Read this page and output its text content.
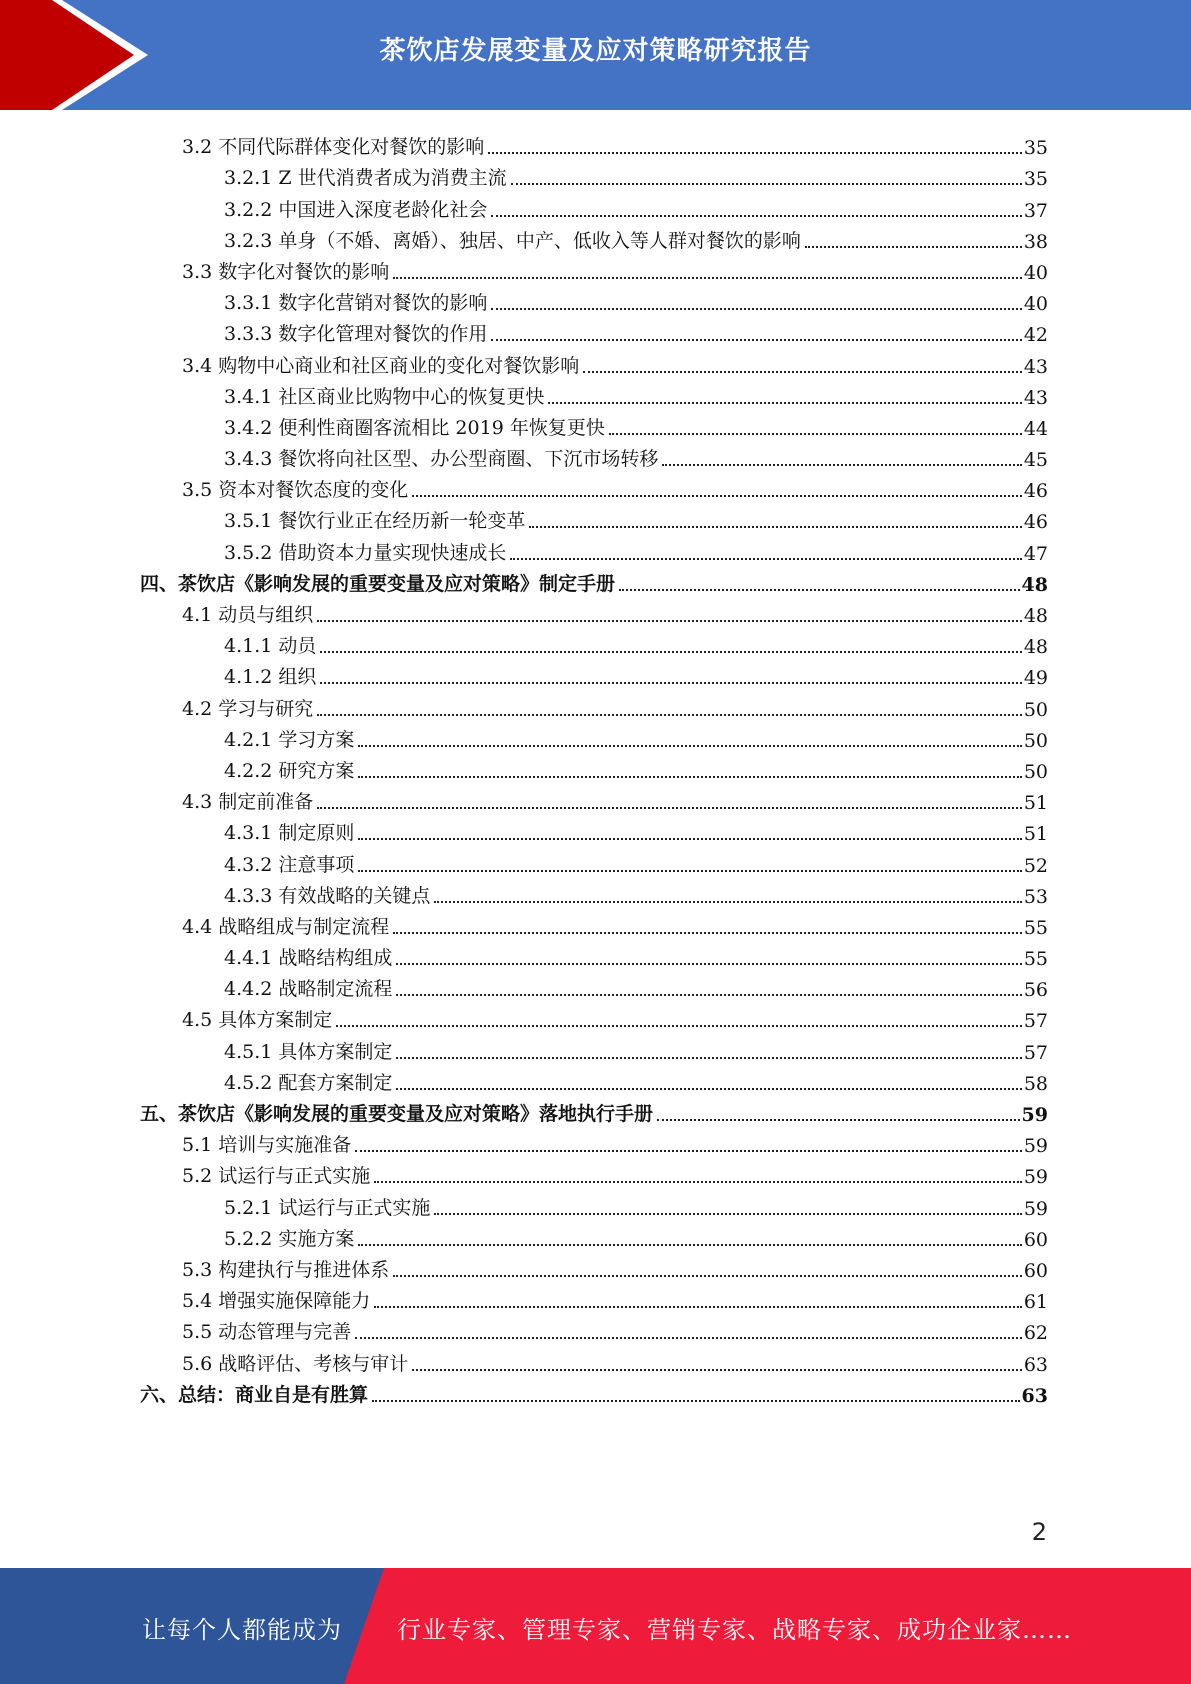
茶饮店发展变量及应对策略研究报告
3.2 不同代际群体变化对餐饮的影响	35
3.2.1 Z 世代消费者成为消费主流	35
3.2.2 中国进入深度老龄化社会	37
3.2.3 单身（不婚、离婚）、独居、中产、低收入等人群对餐饮的影响	38
3.3 数字化对餐饮的影响	40
3.3.1 数字化营销对餐饮的影响	40
3.3.3 数字化管理对餐饮的作用	42
3.4 购物中心商业和社区商业的变化对餐饮影响	43
3.4.1 社区商业比购物中心的恢复更快	43
3.4.2 便利性商圈客流相比 2019 年恢复更快	44
3.4.3 餐饮将向社区型、办公型商圈、下沉市场转移	45
3.5 资本对餐饮态度的变化	46
3.5.1 餐饮行业正在经历新一轮变革	46
3.5.2 借助资本力量实现快速成长	47
四、茶饮店《影响发展的重要变量及应对策略》制定手册	48
4.1 动员与组织	48
4.1.1 动员	48
4.1.2 组织	49
4.2 学习与研究	50
4.2.1 学习方案	50
4.2.2 研究方案	50
4.3 制定前准备	51
4.3.1 制定原则	51
4.3.2 注意事项	52
4.3.3 有效战略的关键点	53
4.4 战略组成与制定流程	55
4.4.1 战略结构组成	55
4.4.2 战略制定流程	56
4.5 具体方案制定	57
4.5.1 具体方案制定	57
4.5.2 配套方案制定	58
五、茶饮店《影响发展的重要变量及应对策略》落地执行手册	59
5.1 培训与实施准备	59
5.2 试运行与正式实施	59
5.2.1 试运行与正式实施	59
5.2.2 实施方案	60
5.3 构建执行与推进体系	60
5.4 增强实施保障能力	61
5.5 动态管理与完善	62
5.6 战略评估、考核与审计	63
六、总结：商业自是有胜算	63
2
让每个人都能成为 行业专家、管理专家、营销专家、战略专家、成功企业家……
